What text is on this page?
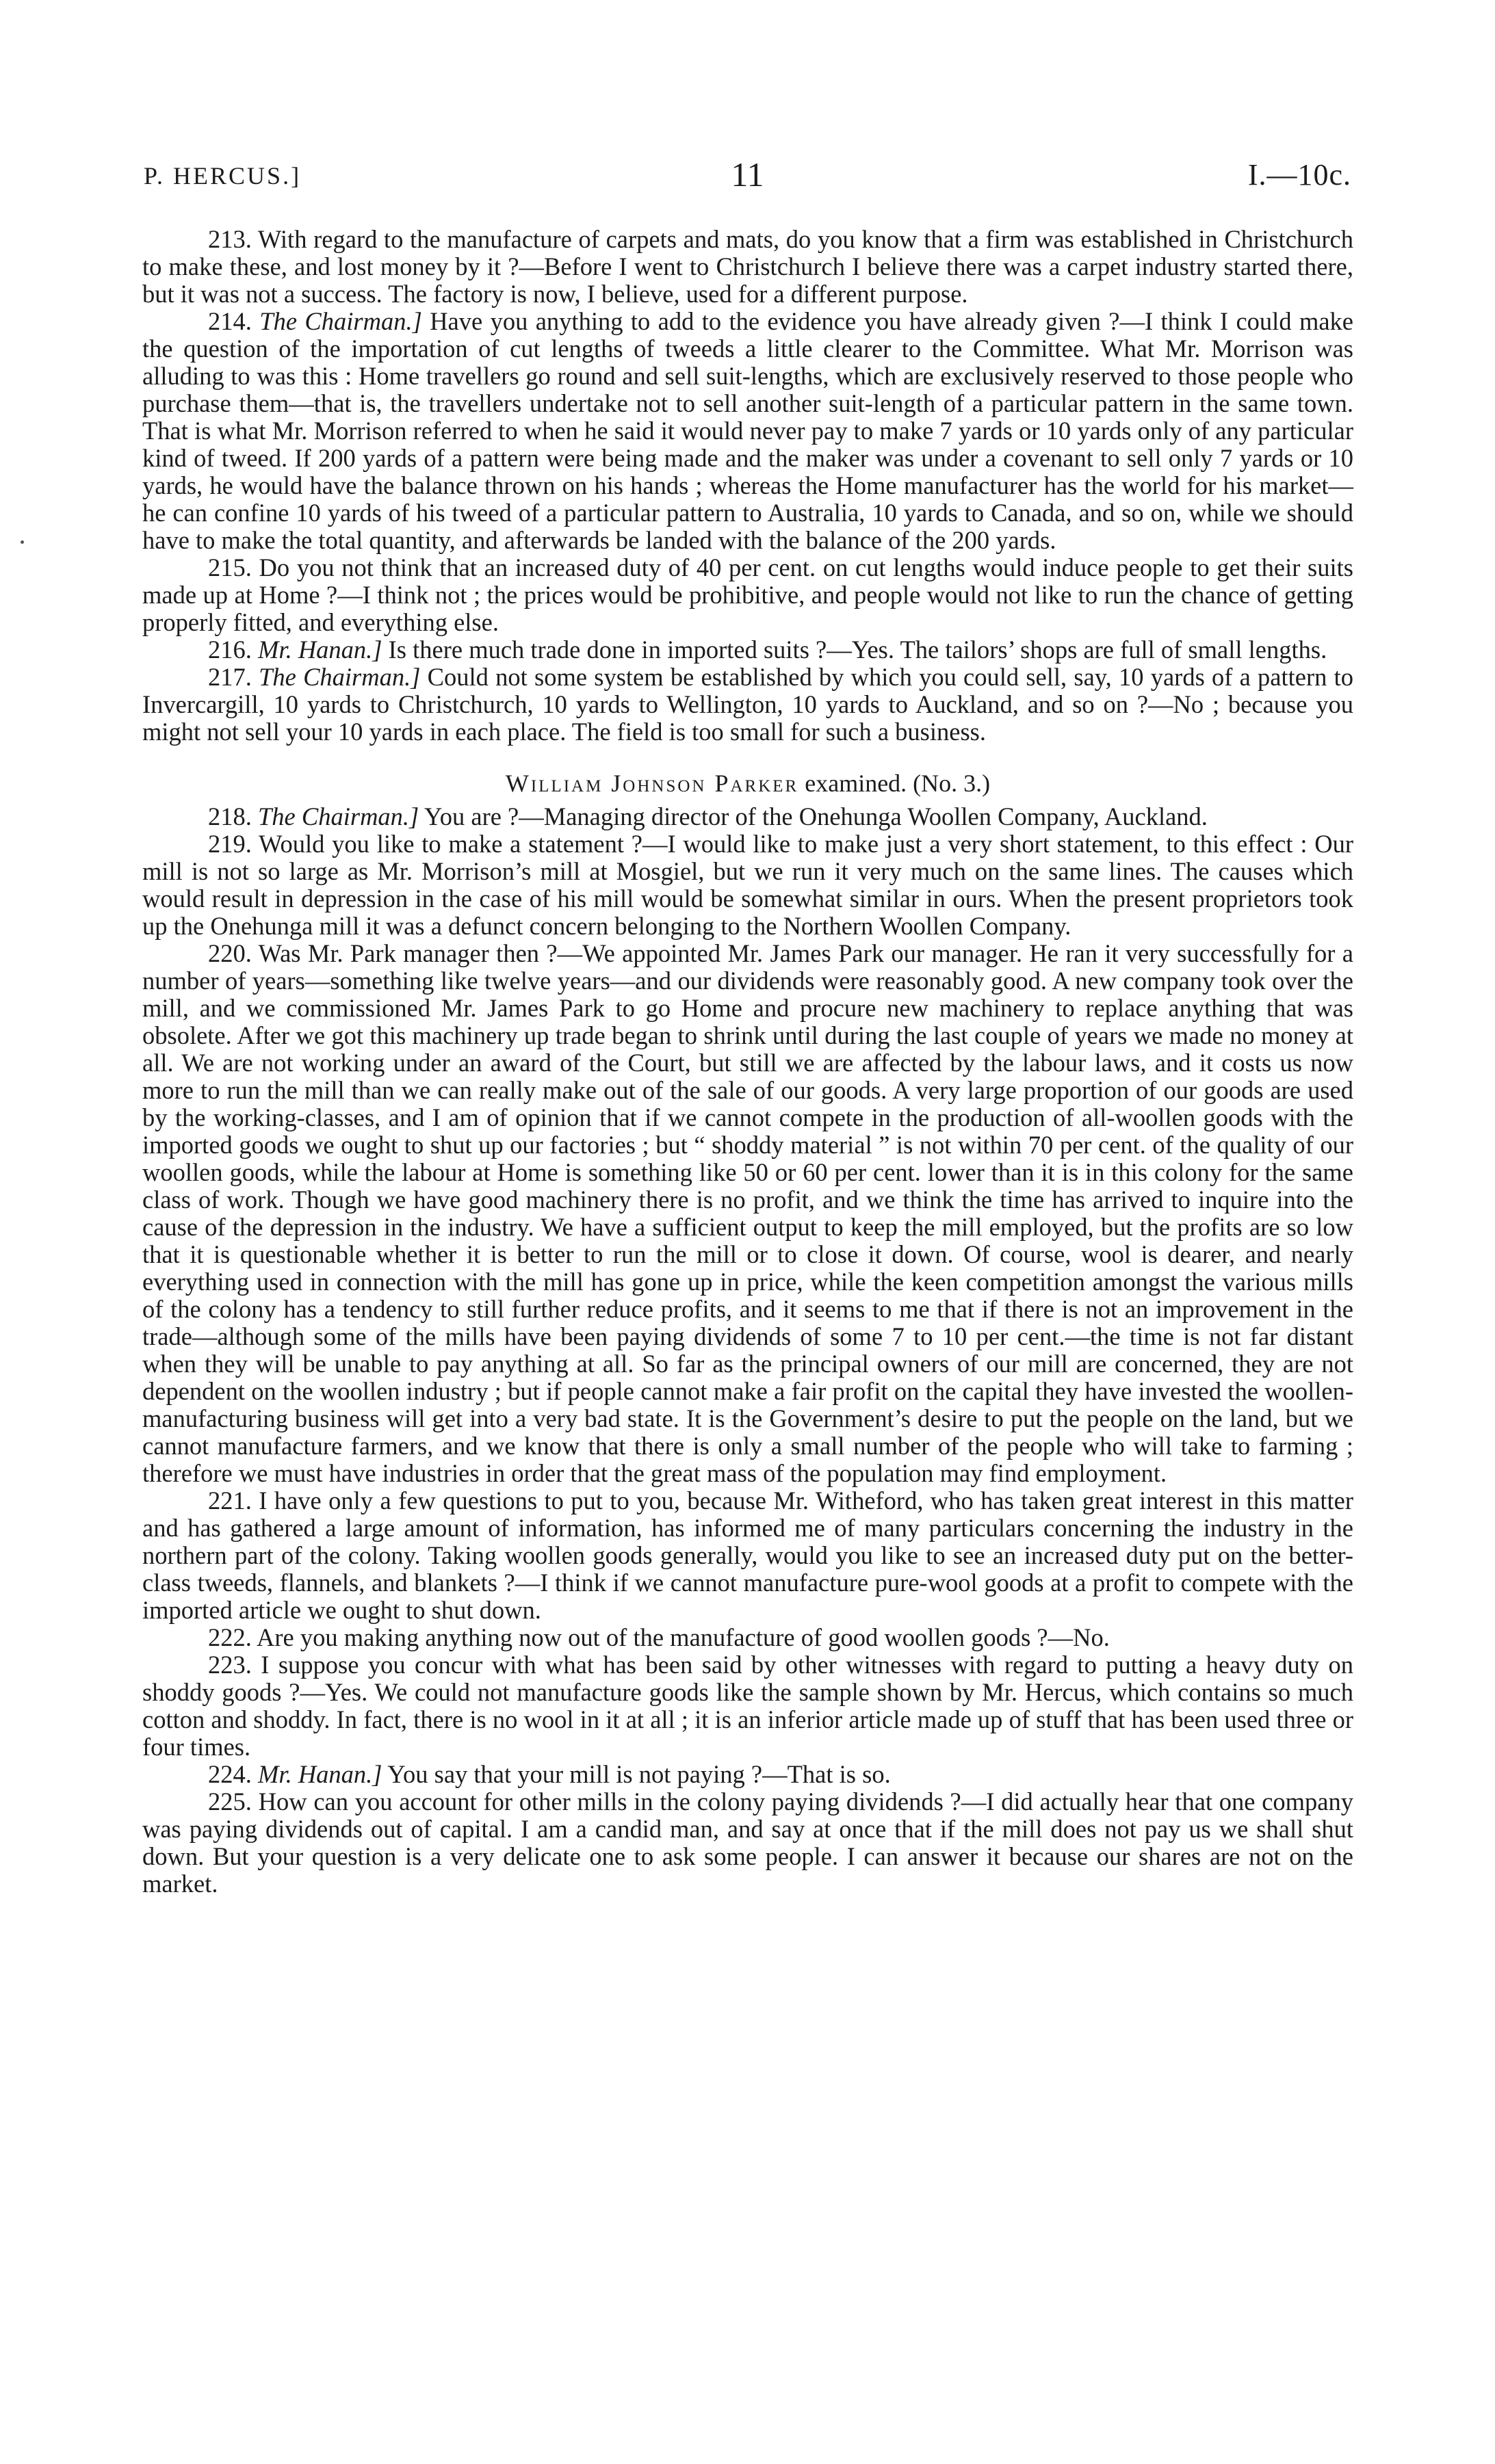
P. HERCUS.]	11	I.—10c.

213. With regard to the manufacture of carpets and mats, do you know that a firm was established in Christchurch to make these, and lost money by it ?—Before I went to Christchurch I believe there was a carpet industry started there, but it was not a success. The factory is now, I believe, used for a different purpose.

214. The Chairman.] Have you anything to add to the evidence you have already given ?—I think I could make the question of the importation of cut lengths of tweeds a little clearer to the Committee. What Mr. Morrison was alluding to was this : Home travellers go round and sell suit-lengths, which are exclusively reserved to those people who purchase them—that is, the travellers undertake not to sell another suit-length of a particular pattern in the same town. That is what Mr. Morrison referred to when he said it would never pay to make 7 yards or 10 yards only of any particular kind of tweed. If 200 yards of a pattern were being made and the maker was under a covenant to sell only 7 yards or 10 yards, he would have the balance thrown on his hands ; whereas the Home manufacturer has the world for his market—he can confine 10 yards of his tweed of a particular pattern to Australia, 10 yards to Canada, and so on, while we should have to make the total quantity, and afterwards be landed with the balance of the 200 yards.

215. Do you not think that an increased duty of 40 per cent. on cut lengths would induce people to get their suits made up at Home ?—I think not ; the prices would be prohibitive, and people would not like to run the chance of getting properly fitted, and everything else.

216. Mr. Hanan.] Is there much trade done in imported suits ?—Yes. The tailors’ shops are full of small lengths.

217. The Chairman.] Could not some system be established by which you could sell, say, 10 yards of a pattern to Invercargill, 10 yards to Christchurch, 10 yards to Wellington, 10 yards to Auckland, and so on ?—No ; because you might not sell your 10 yards in each place. The field is too small for such a business.

William Johnson Parker examined. (No. 3.)

218. The Chairman.] You are ?—Managing director of the Onehunga Woollen Company, Auckland.

219. Would you like to make a statement ?—I would like to make just a very short statement, to this effect : Our mill is not so large as Mr. Morrison’s mill at Mosgiel, but we run it very much on the same lines. The causes which would result in depression in the case of his mill would be somewhat similar in ours. When the present proprietors took up the Onehunga mill it was a defunct concern belonging to the Northern Woollen Company.

220. Was Mr. Park manager then ?—We appointed Mr. James Park our manager. He ran it very successfully for a number of years—something like twelve years—and our dividends were reasonably good. A new company took over the mill, and we commissioned Mr. James Park to go Home and procure new machinery to replace anything that was obsolete. After we got this machinery up trade began to shrink until during the last couple of years we made no money at all. We are not working under an award of the Court, but still we are affected by the labour laws, and it costs us now more to run the mill than we can really make out of the sale of our goods. A very large proportion of our goods are used by the working-classes, and I am of opinion that if we cannot compete in the production of all-woollen goods with the imported goods we ought to shut up our factories ; but “ shoddy material ” is not within 70 per cent. of the quality of our woollen goods, while the labour at Home is something like 50 or 60 per cent. lower than it is in this colony for the same class of work. Though we have good machinery there is no profit, and we think the time has arrived to inquire into the cause of the depression in the industry. We have a sufficient output to keep the mill employed, but the profits are so low that it is questionable whether it is better to run the mill or to close it down. Of course, wool is dearer, and nearly everything used in connection with the mill has gone up in price, while the keen competition amongst the various mills of the colony has a tendency to still further reduce profits, and it seems to me that if there is not an improvement in the trade—although some of the mills have been paying dividends of some 7 to 10 per cent.—the time is not far distant when they will be unable to pay anything at all. So far as the principal owners of our mill are concerned, they are not dependent on the woollen industry ; but if people cannot make a fair profit on the capital they have invested the woollen-manufacturing business will get into a very bad state. It is the Government’s desire to put the people on the land, but we cannot manufacture farmers, and we know that there is only a small number of the people who will take to farming ; therefore we must have industries in order that the great mass of the population may find employment.

221. I have only a few questions to put to you, because Mr. Witheford, who has taken great interest in this matter and has gathered a large amount of information, has informed me of many particulars concerning the industry in the northern part of the colony. Taking woollen goods generally, would you like to see an increased duty put on the better-class tweeds, flannels, and blankets ?—I think if we cannot manufacture pure-wool goods at a profit to compete with the imported article we ought to shut down.

222. Are you making anything now out of the manufacture of good woollen goods ?—No.

223. I suppose you concur with what has been said by other witnesses with regard to putting a heavy duty on shoddy goods ?—Yes. We could not manufacture goods like the sample shown by Mr. Hercus, which contains so much cotton and shoddy. In fact, there is no wool in it at all ; it is an inferior article made up of stuff that has been used three or four times.

224. Mr. Hanan.] You say that your mill is not paying ?—That is so.

225. How can you account for other mills in the colony paying dividends ?—I did actually hear that one company was paying dividends out of capital. I am a candid man, and say at once that if the mill does not pay us we shall shut down. But your question is a very delicate one to ask some people. I can answer it because our shares are not on the market.
